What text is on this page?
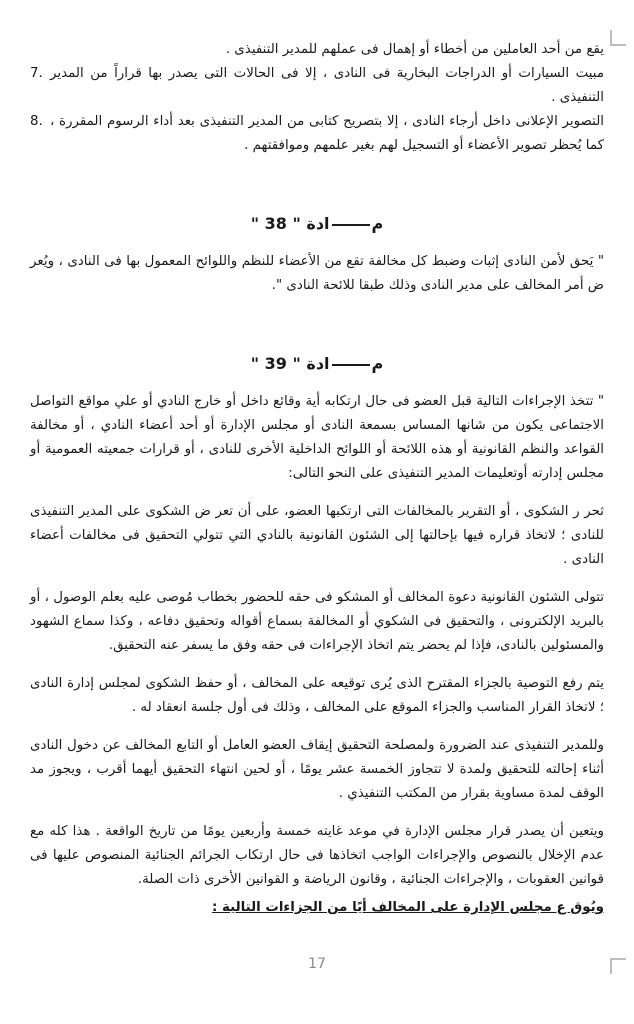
يقع من أحد العاملين من أخطاء أو إهمال فى عملهم للمدير التنفيذى .

7. مبيت السيارات أو الدراجات البخارية فى النادى ، إلا فى الحالات التى يصدر بها قراراً من المدير التنفيذى .
8. التصوير الإعلانى داخل أرجاء النادى ، إلا بتصريح كتابى من المدير التنفيذى بعد أداء الرسوم المقررة ، كما يُحظر تصوير الأعضاء أو التسجيل لهم بغير علمهم وموافقتهم .
مادة " 38 "

" يَحق لأمن النادى إثبات وضبط كل مخالفة تقع من الأعضاء للنظم واللوائح المعمول بها فى النادى ، ويُعر ض أمر المخالف على مدير النادى وذلك طبقا للائحة النادى ".

مادة " 39 "

" تتخذ الإجراءات التالية قبل العضو فى حال ارتكابه أية وقائع داخل أو خارج النادي أو علي مواقع التواصل الاجتماعى يكون من شانها المساس بسمعة النادى أو مجلس الإدارة أو أحد أعضاء النادي ، أو مخالفة القواعد والنظم القانونية أو هذه اللائحة أو اللوائح الداخلية الأخرى للنادى ، أو قرارات جمعيته العمومية أو مجلس إدارته أوتعليمات المدير التنفيذى على النحو التالى:

ثحر ر الشكوى ، أو التقرير بالمخالفات التى ارتكبها العضو، على أن تعر ض الشكوى على المدير التنفيذى للنادى ؛ لاتخاذ قراره فيها بإحالتها إلى الشئون القانونية بالنادي التي تتولي التحقيق فى مخالفات أعضاء النادى .

تتولى الشئون القانونية دعوة المخالف أو المشكو فى حقه للحضور بخطاب مُوصى عليه بعلم الوصول ، أو بالبريد الإلكترونى ، والتحقيق فى الشكوي أو المخالفة بسماع أقواله وتحقيق دفاعه ، وكذا سماع الشهود والمسئولين بالنادى، فإذا لم يحضر يتم اتخاذ الإجراءات فى حقه وفق ما يسفر عنه التحقيق.

يتم رفع التوصية بالجزاء المقترح الذى يُرى توقيعه على المخالف ، أو حفظ الشكوى لمجلس إدارة النادى ؛ لاتخاذ القرار المناسب والجزاء الموقع على المخالف ، وذلك فى أول جلسة انعقاد له .

وللمدير التنفيذى عند الضرورة ولمصلحة التحقيق إيقاف العضو العامل أو التابع المخالف عن دخول النادى أثناء إحالته للتحقيق ولمدة لا تتجاوز الخمسة عشر يومًا ، أو لحين انتهاء التحقيق أيهما أقرب ، ويجوز مد الوقف لمدة مساوية بقرار من المكتب التنفيذي .

ويتعين أن يصدر قرار مجلس الإدارة في موعد غايته خمسة وأربعين يومًا من تاريخ الواقعة . هذا كله مع عدم الإخلال بالنصوص والإجراءات الواجب اتخاذها فى حال ارتكاب الجرائم الجنائية المنصوص عليها فى قوانين العقوبات ، والإجراءات الجنائية ، وقانون الرياضة و القوانين الأخرى ذات الصلة.

ويُوق ع مجلس الإدارة على المخالف أيًا من الجزاءات التالية :

17
